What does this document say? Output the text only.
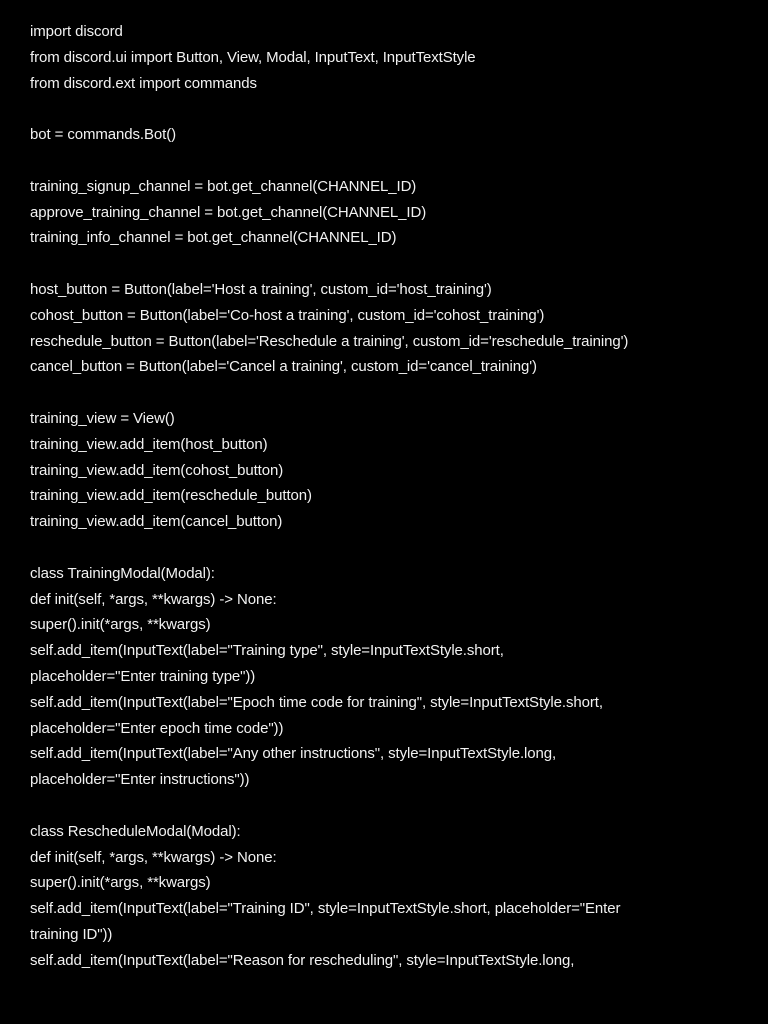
import discord
from discord.ui import Button, View, Modal, InputText, InputTextStyle
from discord.ext import commands
bot = commands.Bot()
training_signup_channel = bot.get_channel(CHANNEL_ID)
approve_training_channel = bot.get_channel(CHANNEL_ID)
training_info_channel = bot.get_channel(CHANNEL_ID)
host_button = Button(label='Host a training', custom_id='host_training')
cohost_button = Button(label='Co-host a training', custom_id='cohost_training')
reschedule_button = Button(label='Reschedule a training', custom_id='reschedule_training')
cancel_button = Button(label='Cancel a training', custom_id='cancel_training')
training_view = View()
training_view.add_item(host_button)
training_view.add_item(cohost_button)
training_view.add_item(reschedule_button)
training_view.add_item(cancel_button)
class TrainingModal(Modal):
def init(self, *args, **kwargs) -> None:
super().init(*args, **kwargs)
self.add_item(InputText(label="Training type", style=InputTextStyle.short,
placeholder="Enter training type"))
self.add_item(InputText(label="Epoch time code for training", style=InputTextStyle.short,
placeholder="Enter epoch time code"))
self.add_item(InputText(label="Any other instructions", style=InputTextStyle.long,
placeholder="Enter instructions"))
class RescheduleModal(Modal):
def init(self, *args, **kwargs) -> None:
super().init(*args, **kwargs)
self.add_item(InputText(label="Training ID", style=InputTextStyle.short, placeholder="Enter
training ID"))
self.add_item(InputText(label="Reason for rescheduling", style=InputTextStyle.long,
